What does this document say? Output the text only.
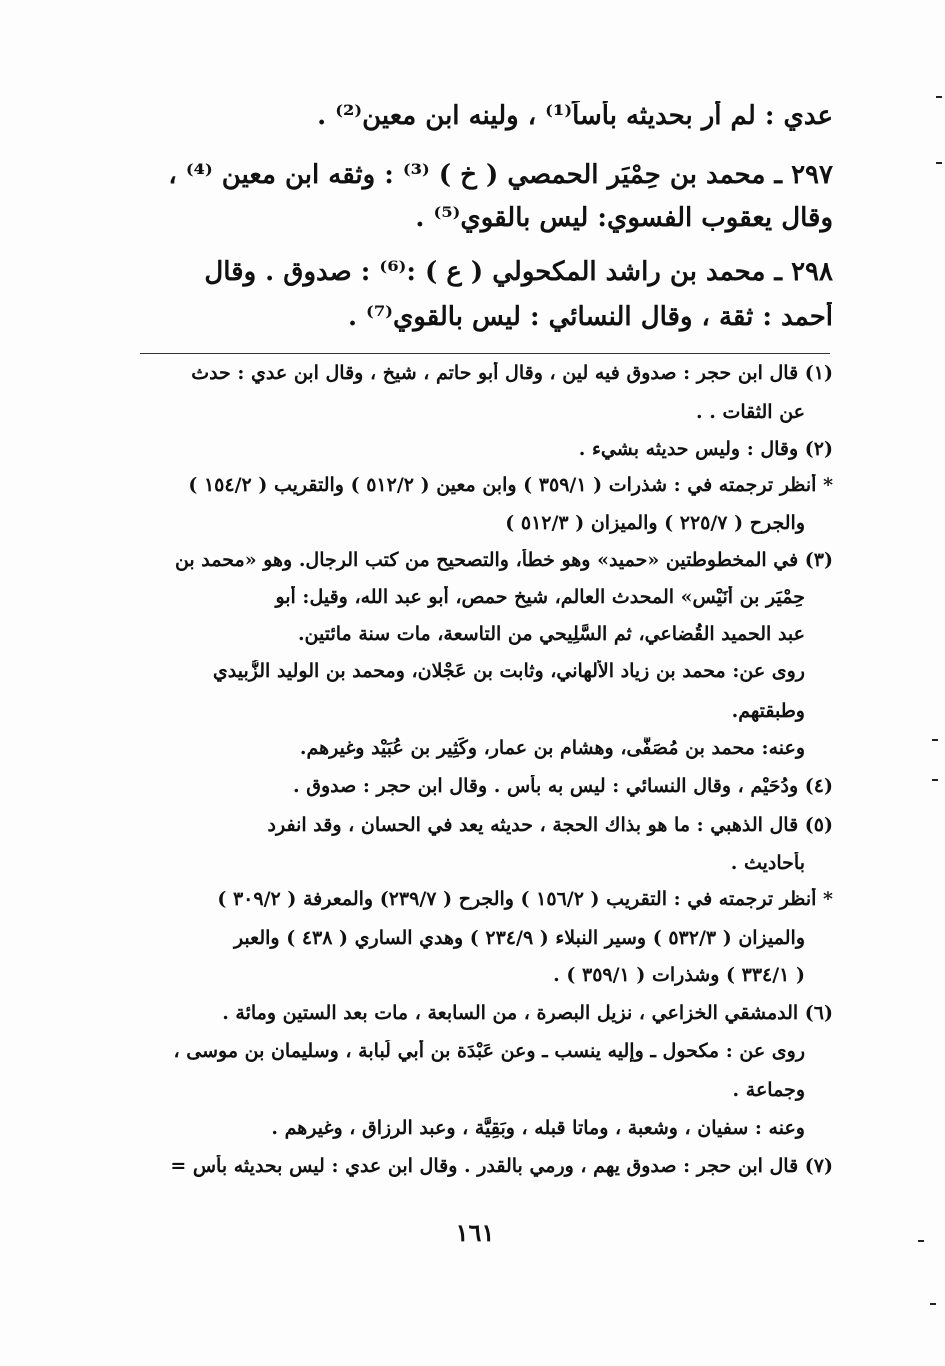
عدي : لم أر بحديثه بأساً⁽¹⁾ ، ولينه ابن معين⁽²⁾ .
٢٩٧ ـ محمد بن حِمْيَر الحمصي ( خ ) ⁽³⁾ : وثقه ابن معين ⁽⁴⁾ ،
وقال يعقوب الفسوي: ليس بالقوي⁽⁵⁾ .
٢٩٨ ـ محمد بن راشد المكحولي ( ع ) :⁽⁶⁾ : صدوق . وقال
أحمد : ثقة ، وقال النسائي : ليس بالقوي⁽⁷⁾ .
(١) قال ابن حجر : صدوق فيه لين ، وقال أبو حاتم ، شيخ ، وقال ابن عدي : حدث
عن الثقات . .
(٢) وقال : وليس حديثه بشيء .
* أنظر ترجمته في : شذرات ( ٣٥٩/١ ) وابن معين ( ٥١٢/٢ ) والتقريب ( ١٥٤/٢ )
والجرح ( ٢٢٥/٧ ) والميزان ( ٥١٢/٣ )
(٣) في المخطوطتين «حميد» وهو خطأ، والتصحيح من كتب الرجال. وهو «محمد بن
حِمْيَر بن أُنَيْس» المحدث العالم، شيخ حمص، أبو عبد الله، وقيل: أبو
عبد الحميد القُضاعي، ثم السَّلِيحي من التاسعة، مات سنة مائتين.
روى عن: محمد بن زياد الألهاني، وثابت بن عَجْلان، ومحمد بن الوليد الزُّبيدي
وطبقتهم.
وعنه: محمد بن مُصَفَّى، وهشام بن عمار، وكَثِير بن عُبَيْد وغيرهم.
(٤) ودُحَيْم ، وقال النسائي : ليس به بأس . وقال ابن حجر : صدوق .
(٥) قال الذهبي : ما هو بذاك الحجة ، حديثه يعد في الحسان ، وقد انفرد
بأحاديث .
* أنظر ترجمته في : التقريب ( ١٥٦/٢ ) والجرح ( ٢٣٩/٧) والمعرفة ( ٣٠٩/٢ )
والميزان ( ٥٣٢/٣ ) وسير النبلاء ( ٢٣٤/٩ ) وهدي الساري ( ٤٣٨ ) والعبر
( ٣٣٤/١ ) وشذرات ( ٣٥٩/١ ) .
(٦) الدمشقي الخزاعي ، نزيل البصرة ، من السابعة ، مات بعد الستين ومائة .
روى عن : مكحول ـ وإليه ينسب ـ وعن عَبْدَة بن أبي لُبابة ، وسليمان بن موسى ،
وجماعة .
وعنه : سفيان ، وشعبة ، وماتا قبله ، وبَقِيَّة ، وعبد الرزاق ، وغيرهم .
(٧) قال ابن حجر : صدوق يهم ، ورمي بالقدر . وقال ابن عدي : ليس بحديثه بأس =
١٦١
